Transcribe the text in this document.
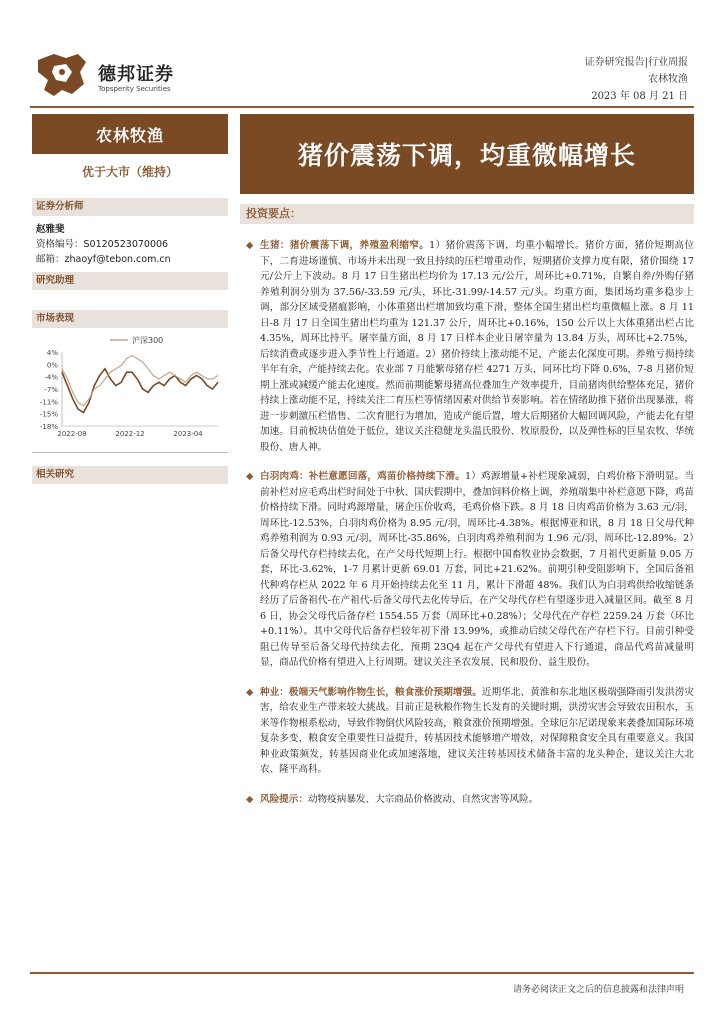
德邦证券
Topsperity Securities
证券研究报告|行业周报
农林牧渔
2023 年 08 月 21 日
农林牧渔
优于大市（维持）
猪价震荡下调，均重微幅增长
证券分析师
赵雅斐
资格编号：S0120523070006
邮箱：zhaoyf@tebon.com.cn
研究助理
市场表现
4%
0%
-4%
-7%
-11%
-15%
-18%
2022-08	2022-12	2023-04
沪深300
相关研究
投资要点：

◆ 生猪：猪价震荡下调，养殖盈利缩窄。1）猪价震荡下调，均重小幅增长。猪价方面，猪价短期高位下，二育进场谨慎、市场并未出现一致且持续的压栏增重动作，短期猪价支撑力度有限，猪价围绕 17 元/公斤上下波动。8 月 17 日生猪出栏均价为 17.13 元/公斤，周环比+0.71%，自繁自养/外购仔猪养殖利润分别为 37.56/-33.59 元/头，环比-31.99/-14.57 元/头。均重方面，集团场均重多稳步上调，部分区域受猪瘟影响，小体重猪出栏增加致均重下滑，整体全国生猪出栏均重微幅上涨。8 月 11 日-8 月 17 日全国生猪出栏均重为 121.37 公斤，周环比+0.16%，150 公斤以上大体重猪出栏占比 4.35%，周环比持平。屠宰量方面，8 月 17 日样本企业日屠宰量为 13.84 万头，周环比+2.75%，后续消费或逐步进入季节性上行通道。2）猪价持续上涨动能不足，产能去化深度可期。养殖亏损持续半年有余，产能持续去化。农业部 7 月能繁母猪存栏 4271 万头，同环比均下降 0.6%，7-8 月猪价短期上涨或减缓产能去化速度。然而前期能繁母猪高位叠加生产效率提升，目前猪肉供给整体充足，猪价持续上涨动能不足，持续关注二育压栏等情绪因素对供给节奏影响。若在情绪助推下猪价出现暴涨，将进一步刺激压栏惜售、二次育肥行为增加，造成产能后置，增大后期猪价大幅回调风险，产能去化有望加速。目前板块估值处于低位，建议关注稳健龙头温氏股份、牧原股份，以及弹性标的巨星农牧、华统股份、唐人神。

◆ 白羽肉鸡：补栏意愿回落，鸡苗价格持续下滑。1）鸡源增量+补栏现象减弱，白鸡价格下滑明显。当前补栏对应毛鸡出栏时间处于中秋、国庆假期中，叠加饲料价格上调，养殖端集中补栏意愿下降，鸡苗价格持续下滑。同时鸡源增量，屠企压价收鸡，毛鸡价格下跌。8 月 18 日肉鸡苗价格为 3.63 元/羽，周环比-12.53%，白羽肉鸡价格为 8.95 元/羽，周环比-4.38%。根据博亚和讯，8 月 18 日父母代种鸡养殖利润为 0.93 元/羽，周环比-35.86%，白羽肉鸡养殖利润为 1.96 元/羽，周环比-12.89%。2）后备父母代存栏持续去化，在产父母代短期上行。根据中国畜牧业协会数据，7 月祖代更新量 9.05 万套，环比-3.62%，1-7 月累计更新 69.01 万套，同比+21.62%。前期引种受阻影响下，全国后备祖代种鸡存栏从 2022 年 6 月开始持续去化至 11 月，累计下滑超 48%。我们认为白羽鸡供给收缩链条经历了后备祖代-在产祖代-后备父母代去化传导后，在产父母代存栏有望逐步进入减量区间。截至 8 月 6 日，协会父母代后备存栏 1554.55 万套（周环比+0.28%）；父母代在产存栏 2259.24 万套（环比+0.11%）。其中父母代后备存栏较年初下滑 13.99%，或推动后续父母代在产存栏下行。目前引种受阻已传导至后备父母代持续去化，预期 23Q4 起在产父母代有望进入下行通道，商品代鸡苗减量明显，商品代价格有望进入上行周期。建议关注圣农发展、民和股份、益生股份。

◆ 种业：极端天气影响作物生长，粮食涨价预期增强。近期华北、黄淮和东北地区极端强降雨引发洪涝灾害，给农业生产带来较大挑战。目前正是秋粮作物生长发育的关键时期，洪涝灾害会导致农田积水，玉米等作物根系松动，导致作物倒伏风险较高，粮食涨价预期增强。全球厄尔尼诺现象来袭叠加国际环境复杂多变，粮食安全重要性日益提升，转基因技术能够增产增效，对保障粮食安全具有重要意义。我国种业政策频发，转基因商业化或加速落地，建议关注转基因技术储备丰富的龙头种企，建议关注大北农、隆平高科。

◆ 风险提示：动物疫病暴发、大宗商品价格波动、自然灾害等风险。

请务必阅读正文之后的信息披露和法律声明
